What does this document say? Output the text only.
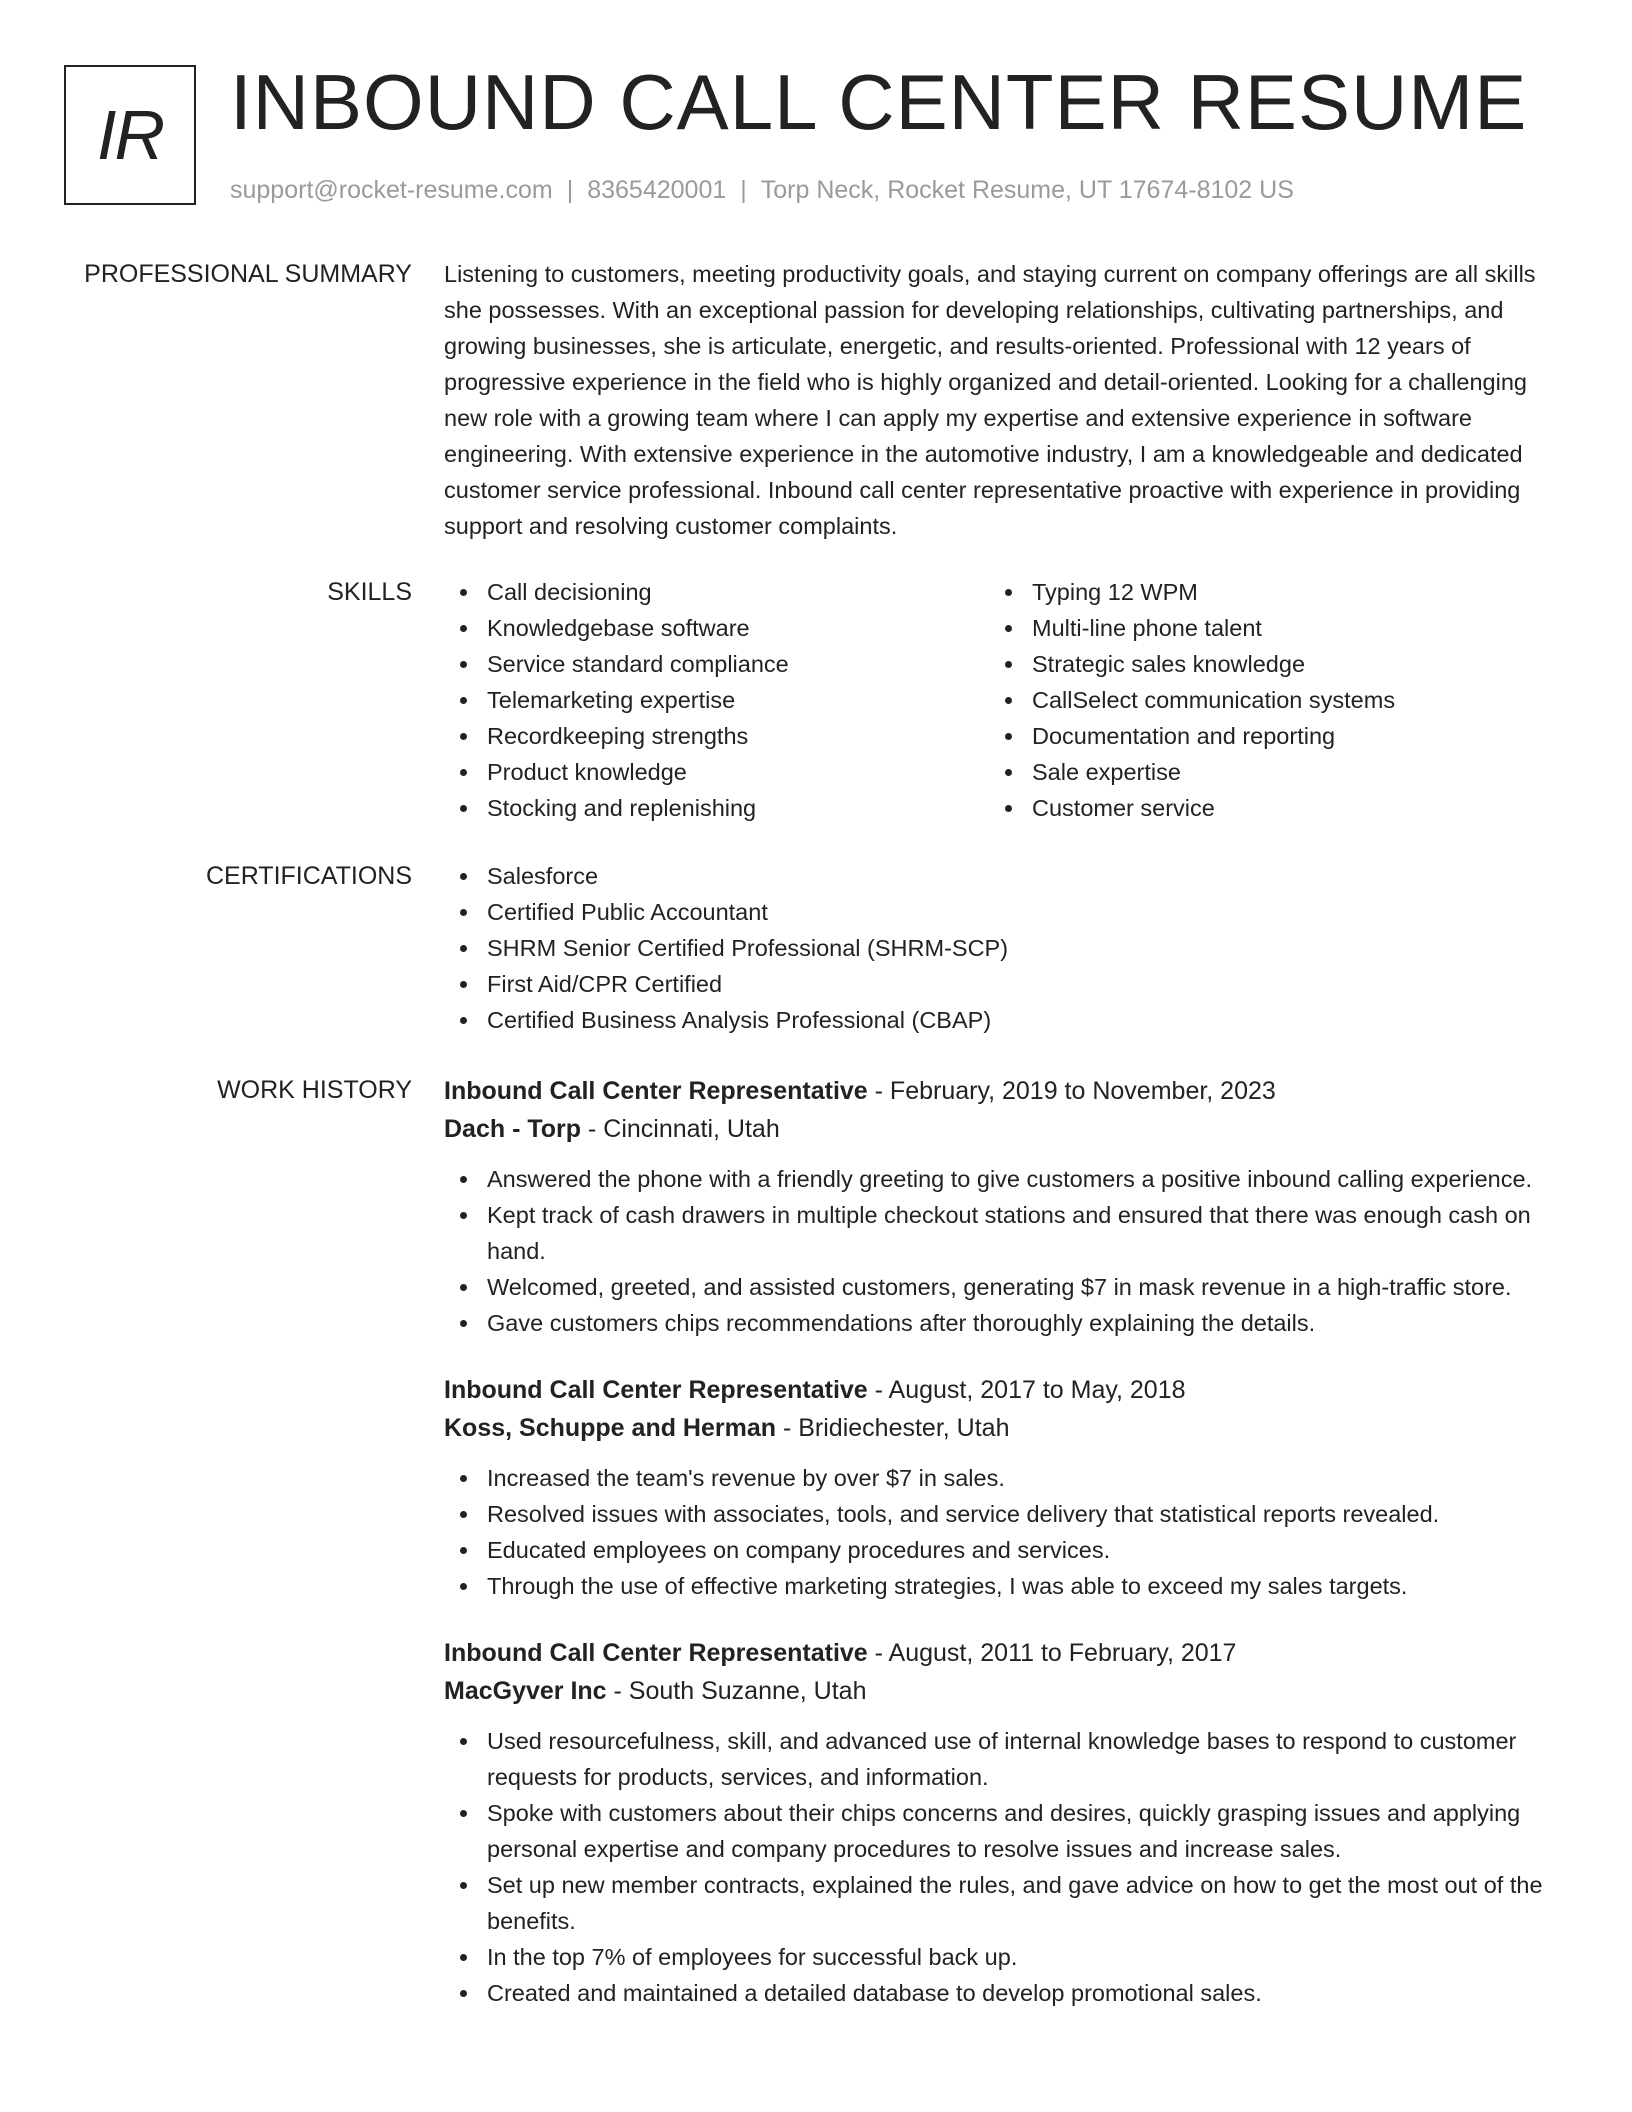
IR INBOUND CALL CENTER RESUME
support@rocket-resume.com | 8365420001 | Torp Neck, Rocket Resume, UT 17674-8102 US
PROFESSIONAL SUMMARY Listening to customers, meeting productivity goals, and staying current on company offerings are all skills she possesses. With an exceptional passion for developing relationships, cultivating partnerships, and growing businesses, she is articulate, energetic, and results-oriented. Professional with 12 years of progressive experience in the field who is highly organized and detail-oriented. Looking for a challenging new role with a growing team where I can apply my expertise and extensive experience in software engineering. With extensive experience in the automotive industry, I am a knowledgeable and dedicated customer service professional. Inbound call center representative proactive with experience in providing support and resolving customer complaints.

SKILLS	Call decisioning
Knowledgebase software
Service standard compliance
Telemarketing expertise
Recordkeeping strengths
Product knowledge
Stocking and replenishing
Typing 12 WPM
Multi-line phone talent
Strategic sales knowledge
CallSelect communication systems
Documentation and reporting
Sale expertise
Customer service
CERTIFICATIONS	Salesforce
Certified Public Accountant
SHRM Senior Certified Professional (SHRM-SCP)
First Aid/CPR Certified
Certified Business Analysis Professional (CBAP)
WORK HISTORY Inbound Call Center Representative - February, 2019 to November, 2023
Dach - Torp - Cincinnati, Utah
Answered the phone with a friendly greeting to give customers a positive inbound calling experience.
Kept track of cash drawers in multiple checkout stations and ensured that there was enough cash on hand.
Welcomed, greeted, and assisted customers, generating $7 in mask revenue in a high-traffic store.
Gave customers chips recommendations after thoroughly explaining the details.
Inbound Call Center Representative - August, 2017 to May, 2018
Koss, Schuppe and Herman - Bridiechester, Utah
Increased the team's revenue by over $7 in sales.
Resolved issues with associates, tools, and service delivery that statistical reports revealed.
Educated employees on company procedures and services.
Through the use of effective marketing strategies, I was able to exceed my sales targets.
Inbound Call Center Representative - August, 2011 to February, 2017
MacGyver Inc - South Suzanne, Utah
Used resourcefulness, skill, and advanced use of internal knowledge bases to respond to customer requests for products, services, and information.
Spoke with customers about their chips concerns and desires, quickly grasping issues and applying personal expertise and company procedures to resolve issues and increase sales.
Set up new member contracts, explained the rules, and gave advice on how to get the most out of the benefits.
In the top 7% of employees for successful back up.
Created and maintained a detailed database to develop promotional sales.
